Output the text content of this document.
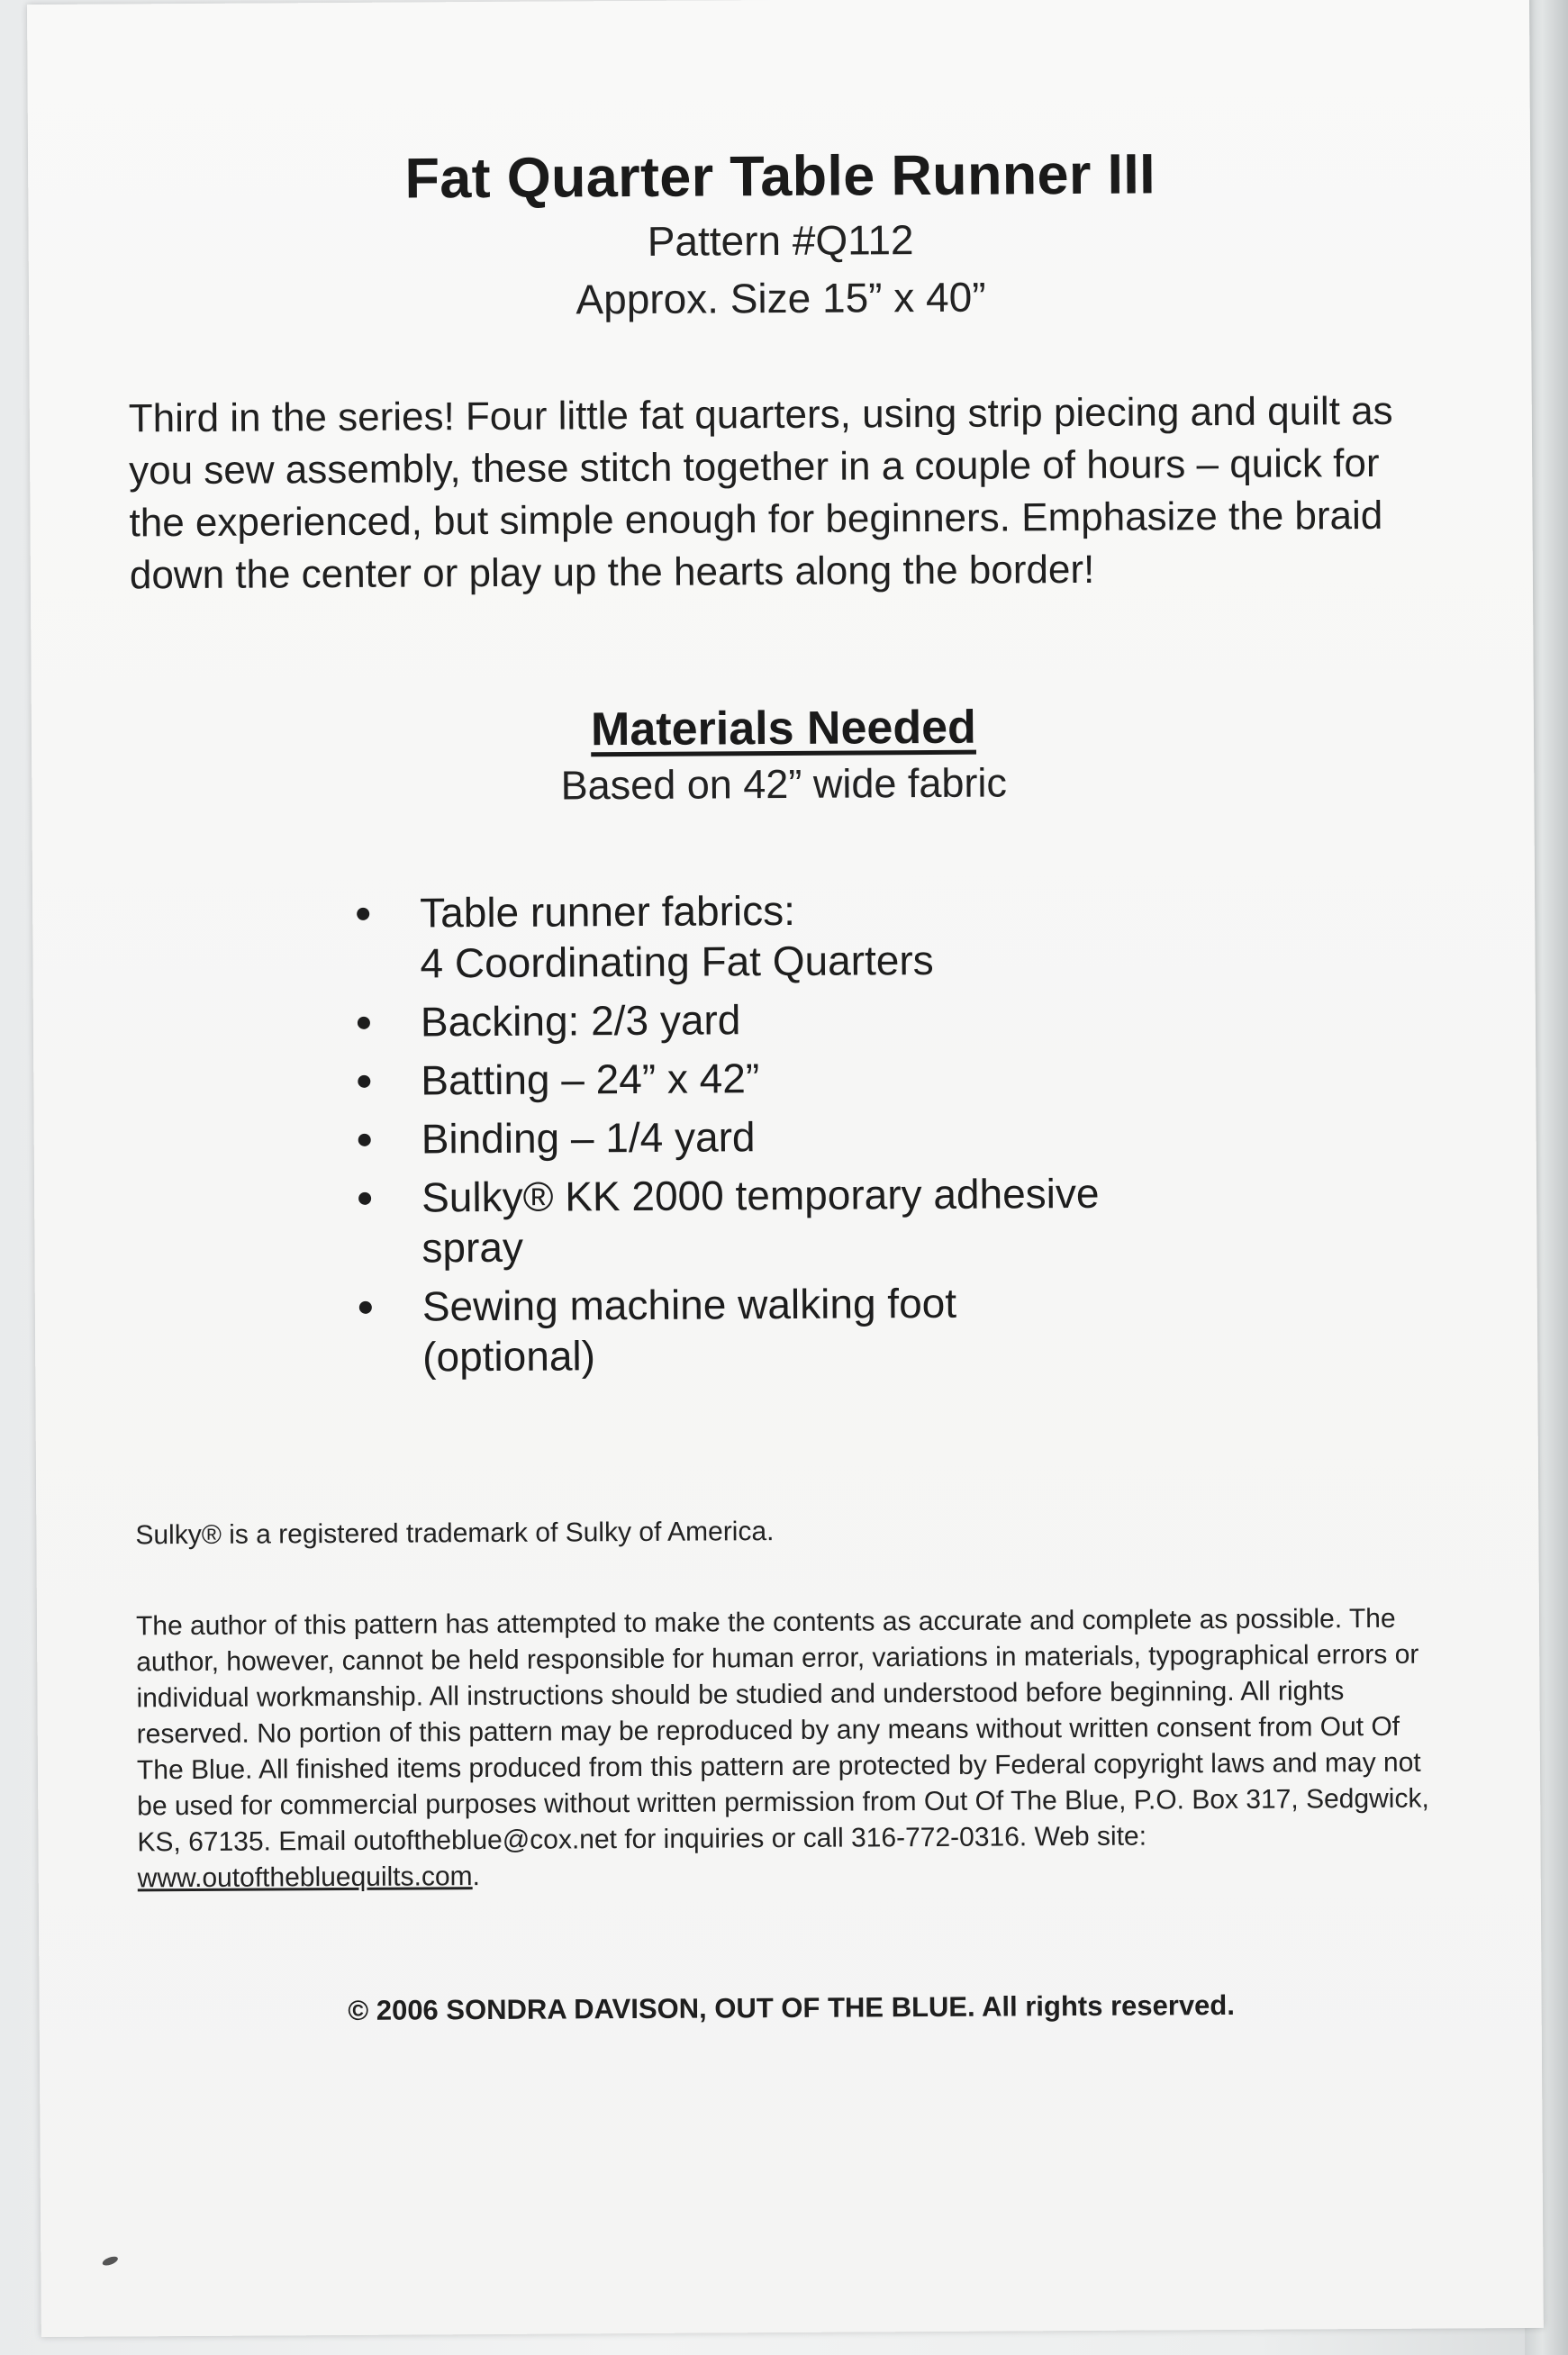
Fat Quarter Table Runner III
Pattern #Q112
Approx. Size 15” x 40”

Third in the series! Four little fat quarters, using strip piecing and quilt as you sew assembly, these stitch together in a couple of hours – quick for the experienced, but simple enough for beginners. Emphasize the braid down the center or play up the hearts along the border!

Materials Needed
Based on 42” wide fabric
Table runner fabrics:
4 Coordinating Fat Quarters
Backing: 2/3 yard
Batting – 24” x 42”
Binding – 1/4 yard
Sulky® KK 2000 temporary adhesive
spray
Sewing machine walking foot
(optional)
Sulky® is a registered trademark of Sulky of America.
The author of this pattern has attempted to make the contents as accurate and complete as possible. The author, however, cannot be held responsible for human error, variations in materials, typographical errors or individual workmanship. All instructions should be studied and understood before beginning. All rights reserved. No portion of this pattern may be reproduced by any means without written consent from Out Of The Blue. All finished items produced from this pattern are protected by Federal copyright laws and may not be used for commercial purposes without written permission from Out Of The Blue, P.O. Box 317, Sedgwick, KS, 67135. Email outoftheblue@cox.net for inquiries or call 316-772-0316. Web site: www.outofthebluequilts.com.
© 2006 SONDRA DAVISON, OUT OF THE BLUE. All rights reserved.
